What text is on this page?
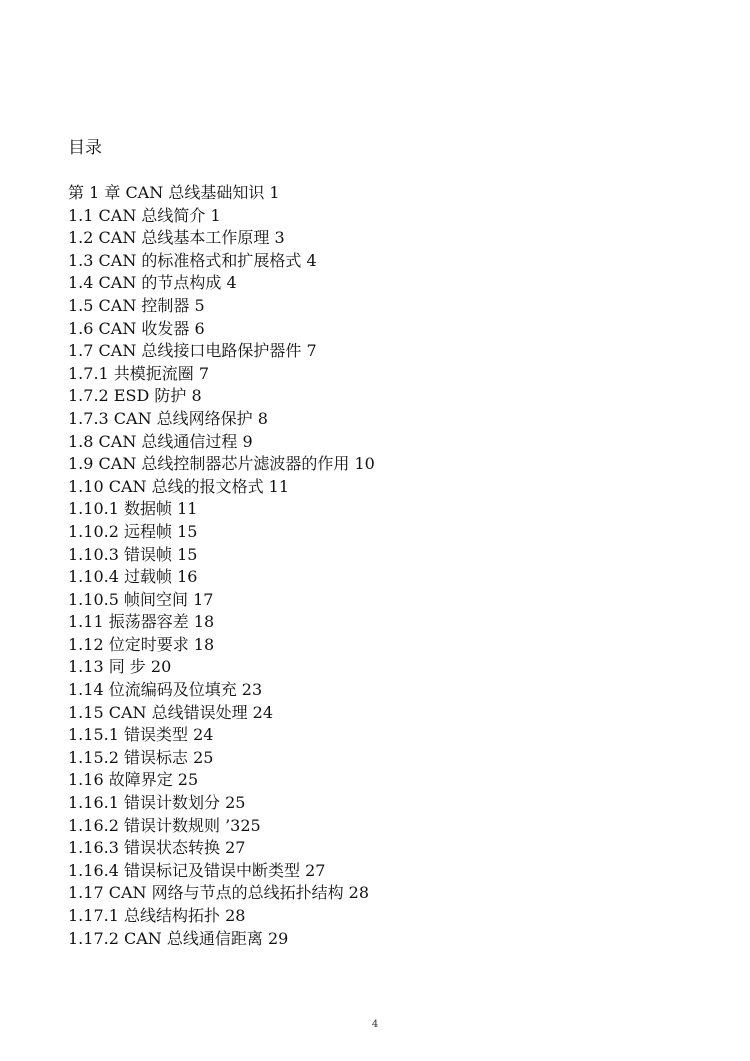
目录
第 1 章 CAN 总线基础知识 1
1.1 CAN 总线简介 1
1.2 CAN 总线基本工作原理 3
1.3 CAN 的标准格式和扩展格式 4
1.4 CAN 的节点构成 4
1.5 CAN 控制器 5
1.6 CAN 收发器 6
1.7 CAN 总线接口电路保护器件 7
1.7.1 共模扼流圈 7
1.7.2 ESD 防护 8
1.7.3 CAN 总线网络保护 8
1.8 CAN 总线通信过程 9
1.9 CAN 总线控制器芯片滤波器的作用 10
1.10 CAN 总线的报文格式 11
1.10.1 数据帧 11
1.10.2 远程帧 15
1.10.3 错误帧 15
1.10.4 过载帧 16
1.10.5 帧间空间 17
1.11 振荡器容差 18
1.12 位定时要求 18
1.13 同 步 20
1.14 位流编码及位填充 23
1.15 CAN 总线错误处理 24
1.15.1 错误类型 24
1.15.2 错误标志 25
1.16 故障界定 25
1.16.1 错误计数划分 25
1.16.2 错误计数规则 ’325
1.16.3 错误状态转换 27
1.16.4 错误标记及错误中断类型 27
1.17 CAN 网络与节点的总线拓扑结构 28
1.17.1 总线结构拓扑 28
1.17.2 CAN 总线通信距离 29
4
